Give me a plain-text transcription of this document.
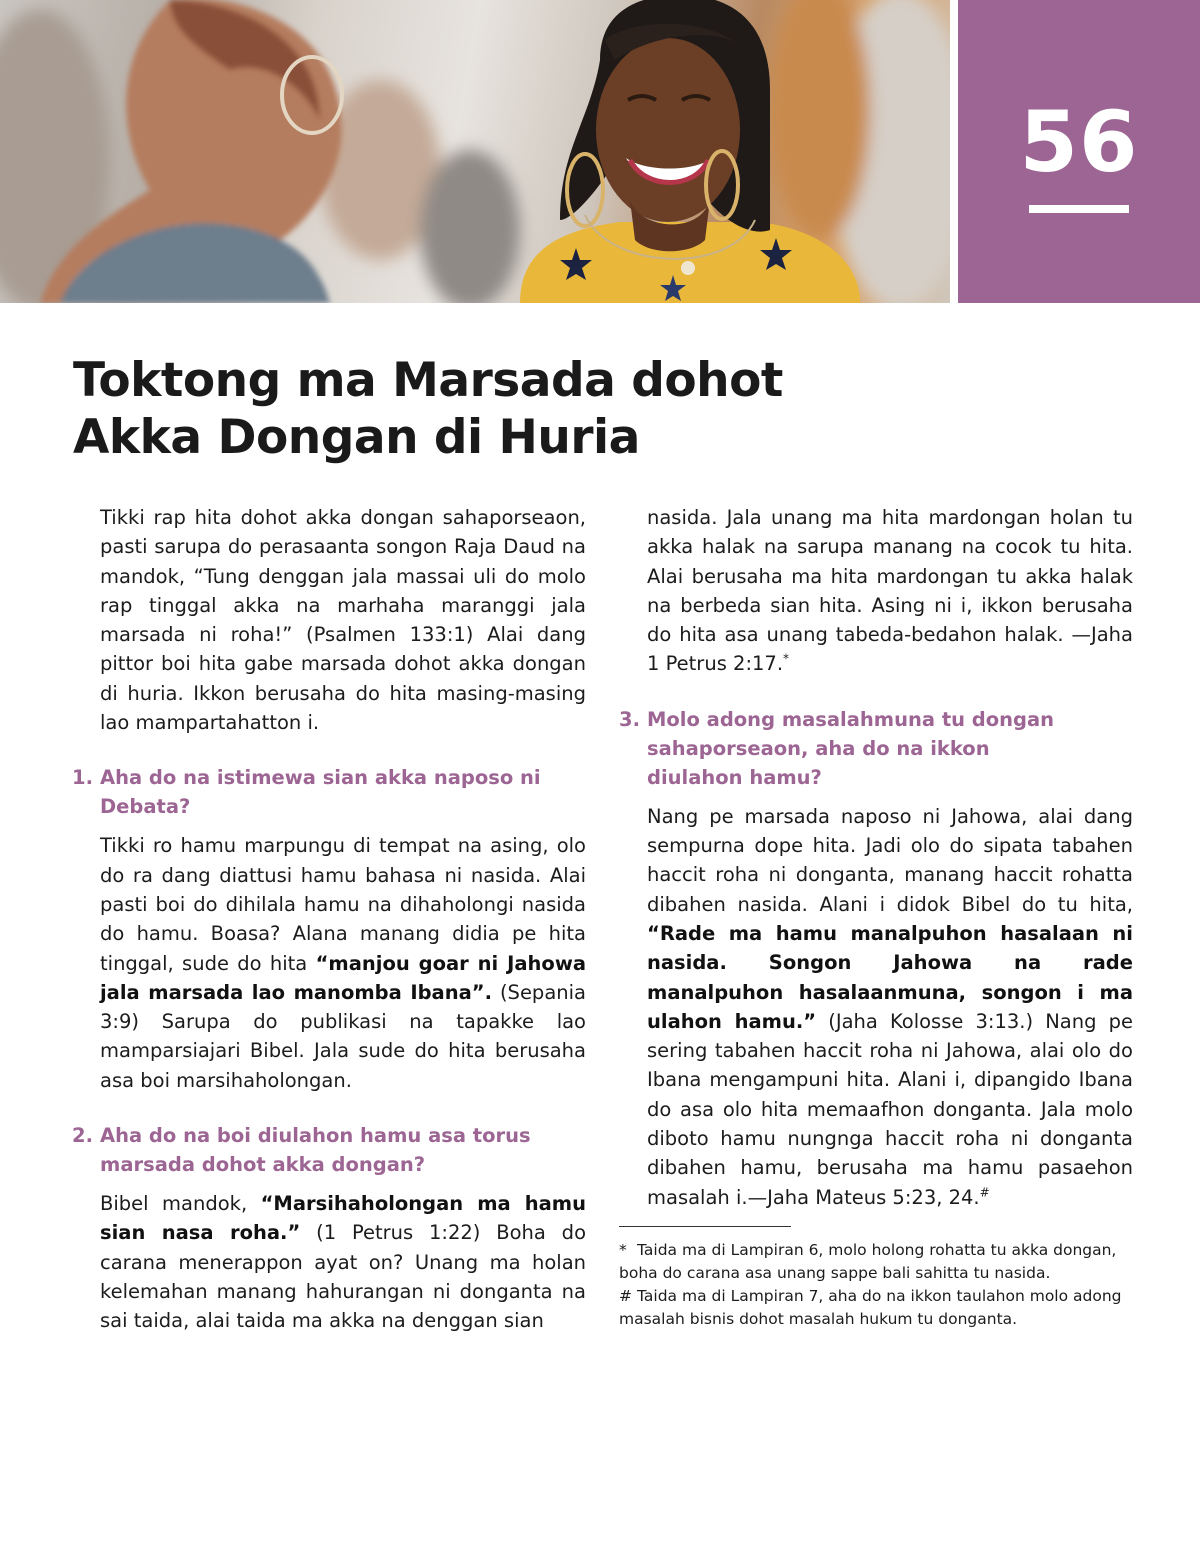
56
Toktong ma Marsada dohot
Akka Dongan di Huria

Tikki rap hita dohot akka dongan sahaporseaon, pasti sarupa do perasaanta songon Raja Daud na mandok, “Tung denggan jala massai uli do molo rap tinggal akka na marhaha maranggi jala marsada ni roha!” (Psalmen 133:1) Alai dang pittor boi hita gabe marsada dohot akka dongan di huria. Ikkon berusaha do hita masing-masing lao mampartahatton i.

1. Aha do na istimewa sian akka naposo ni Debata?

Tikki ro hamu marpungu di tempat na asing, olo do ra dang diattusi hamu bahasa ni nasida. Alai pasti boi do dihilala hamu na dihaholongi nasida do hamu. Boasa? Alana manang didia pe hita tinggal, sude do hita “manjou goar ni Jahowa jala marsada lao manomba Ibana”. (Sepania 3:9) Sarupa do publikasi na tapakke lao mamparsiajari Bibel. Jala sude do hita berusaha asa boi marsihaholongan.

2. Aha do na boi diulahon hamu asa torus marsada dohot akka dongan?

Bibel mandok, “Marsihaholongan ma hamu sian nasa roha.” (1 Petrus 1:22) Boha do carana menerappon ayat on? Unang ma holan kelemahan manang hahurangan ni donganta na sai taida, alai taida ma akka na denggan sian

nasida. Jala unang ma hita mardongan holan tu akka halak na sarupa manang na cocok tu hita. Alai berusaha ma hita mardongan tu akka halak na berbeda sian hita. Asing ni i, ikkon berusaha do hita asa unang tabeda-bedahon halak. —Jaha 1 Petrus 2:17.*

3. Molo adong masalahmuna tu dongan
sahaporseaon, aha do na ikkon
diulahon hamu?

Nang pe marsada naposo ni Jahowa, alai dang sempurna dope hita. Jadi olo do sipata tabahen haccit roha ni donganta, manang haccit rohatta dibahen nasida. Alani i didok Bibel do tu hita, “Rade ma hamu manalpuhon hasalaan ni nasida. Songon Jahowa na rade manalpuhon hasalaanmuna, songon i ma ulahon hamu.” (Jaha Kolosse 3:13.) Nang pe sering tabahen haccit roha ni Jahowa, alai olo do Ibana mengampuni hita. Alani i, dipangido Ibana do asa olo hita memaafhon donganta. Jala molo diboto hamu nungnga haccit roha ni donganta dibahen hamu, berusaha ma hamu pasaehon masalah i.—Jaha Mateus 5:23, 24.#

* Taida ma di Lampiran 6, molo holong rohatta tu akka dongan, boha do carana asa unang sappe bali sahitta tu nasida.

# Taida ma di Lampiran 7, aha do na ikkon taulahon molo adong masalah bisnis dohot masalah hukum tu donganta.
